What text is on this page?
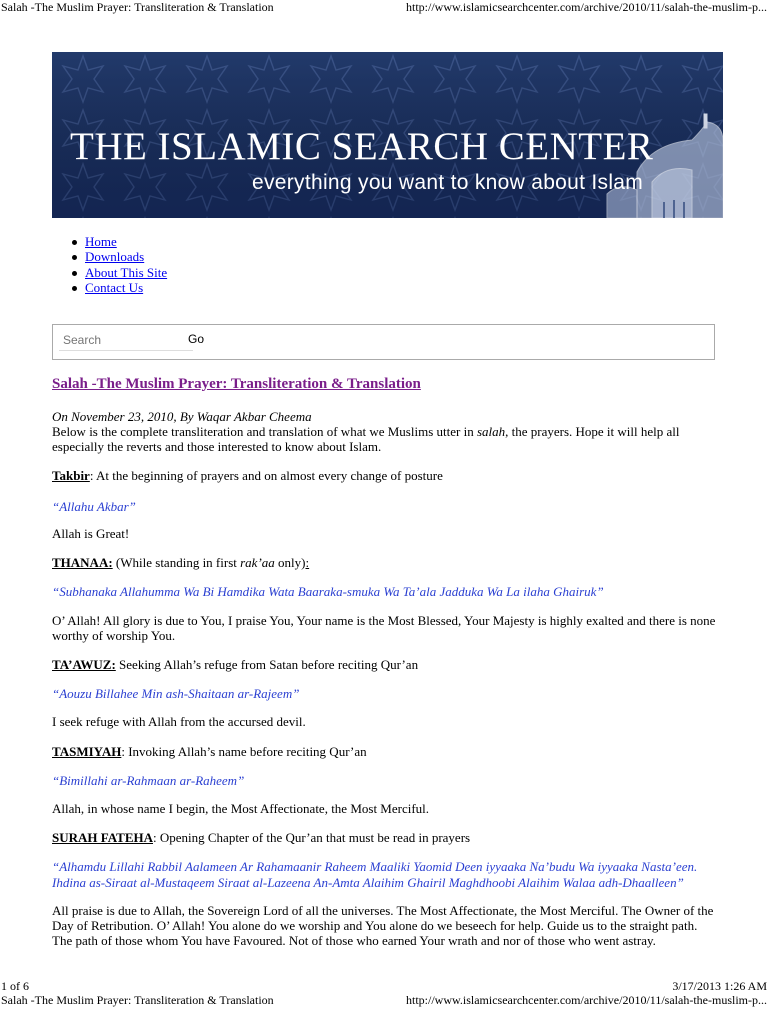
Salah -The Muslim Prayer: Transliteration & Translation	http://www.islamicsearchcenter.com/archive/2010/11/salah-the-muslim-p...
THE ISLAMIC SEARCH CENTER
everything you want to know about Islam
Home
Downloads
About This Site
Contact Us
Search
Go
Salah -The Muslim Prayer: Transliteration & Translation

On November 23, 2010, By Waqar Akbar Cheema

Below is the complete transliteration and translation of what we Muslims utter in salah, the prayers. Hope it will help all especially the reverts and those interested to know about Islam.

Takbir: At the beginning of prayers and on almost every change of posture

“Allahu Akbar”

Allah is Great!

THANAA: (While standing in first rak’aa only):

“Subhanaka Allahumma Wa Bi Hamdika Wata Baaraka-smuka Wa Ta’ala Jadduka Wa La ilaha Ghairuk”

O’ Allah! All glory is due to You, I praise You, Your name is the Most Blessed, Your Majesty is highly exalted and there is none worthy of worship You.

TA’AWUZ: Seeking Allah’s refuge from Satan before reciting Qur’an

“Aouzu Billahee Min ash-Shaitaan ar-Rajeem”

I seek refuge with Allah from the accursed devil.

TASMIYAH: Invoking Allah’s name before reciting Qur’an

“Bimillahi ar-Rahmaan ar-Raheem”

Allah, in whose name I begin, the Most Affectionate, the Most Merciful.

SURAH FATEHA: Opening Chapter of the Qur’an that must be read in prayers

“Alhamdu Lillahi Rabbil Aalameen Ar Rahamaanir Raheem Maaliki Yaomid Deen iyyaaka Na’budu Wa iyyaaka Nasta’een.
Ihdina as-Siraat al-Mustaqeem Siraat al-Lazeena An-Amta Alaihim Ghairil Maghdhoobi Alaihim Walaa adh-Dhaalleen”

All praise is due to Allah, the Sovereign Lord of all the universes. The Most Affectionate, the Most Merciful. The Owner of the Day of Retribution. O’ Allah! You alone do we worship and You alone do we beseech for help. Guide us to the straight path. The path of those whom You have Favoured. Not of those who earned Your wrath and nor of those who went astray.

1 of 6	3/17/2013 1:26 AM
Salah -The Muslim Prayer: Transliteration & Translation	http://www.islamicsearchcenter.com/archive/2010/11/salah-the-muslim-p...
